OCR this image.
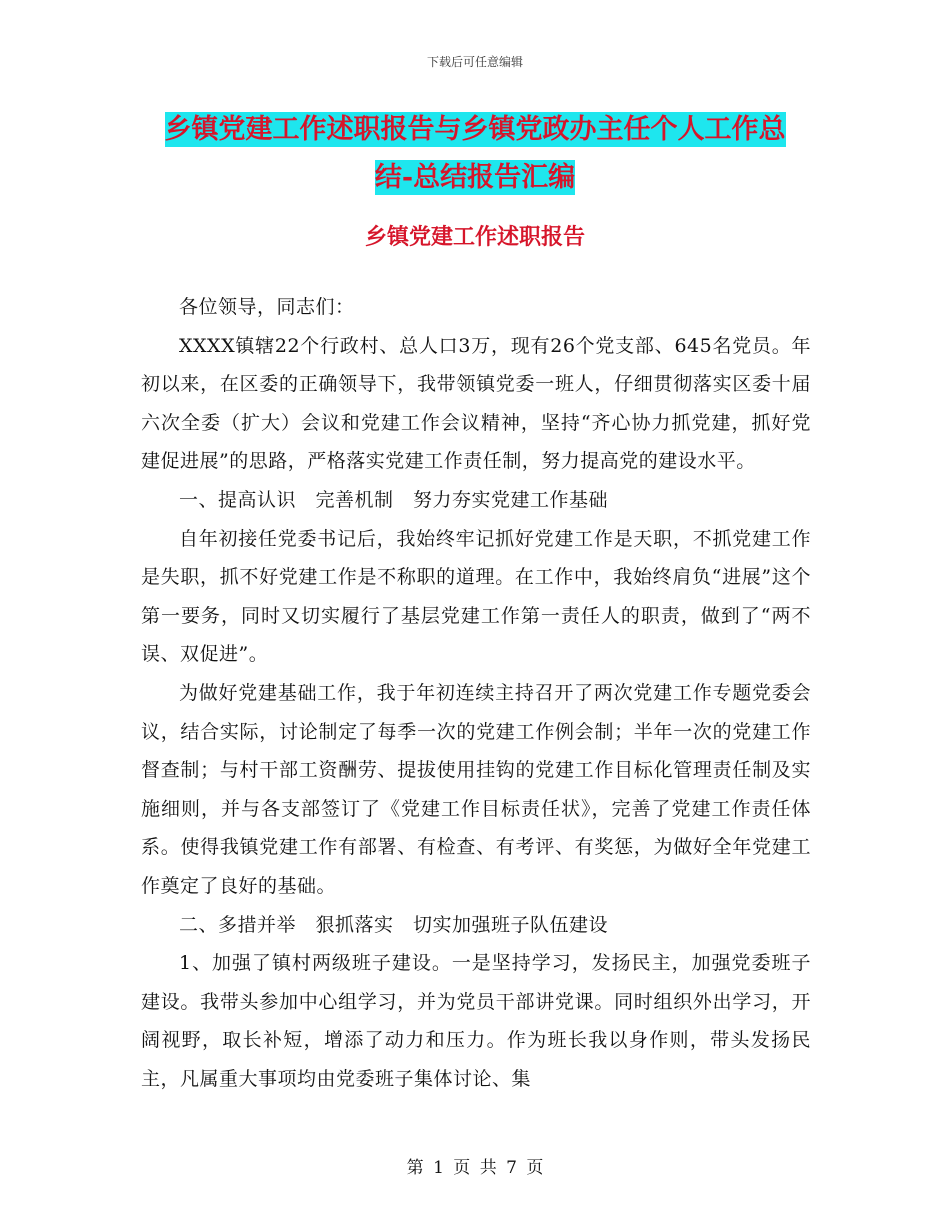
下载后可任意编辑
乡镇党建工作述职报告与乡镇党政办主任个人工作总
结-总结报告汇编
乡镇党建工作述职报告

各位领导，同志们：

XXXX镇辖22个行政村、总人口3万，现有26个党支部、645名党员。年初以来，在区委的正确领导下，我带领镇党委一班人，仔细贯彻落实区委十届六次全委（扩大）会议和党建工作会议精神，坚持“齐心协力抓党建，抓好党建促进展”的思路，严格落实党建工作责任制，努力提高党的建设水平。

一、提高认识　完善机制　努力夯实党建工作基础

自年初接任党委书记后，我始终牢记抓好党建工作是天职，不抓党建工作是失职，抓不好党建工作是不称职的道理。在工作中，我始终肩负“进展”这个第一要务，同时又切实履行了基层党建工作第一责任人的职责，做到了“两不误、双促进”。

为做好党建基础工作，我于年初连续主持召开了两次党建工作专题党委会议，结合实际，讨论制定了每季一次的党建工作例会制；半年一次的党建工作督查制；与村干部工资酬劳、提拔使用挂钩的党建工作目标化管理责任制及实施细则，并与各支部签订了《党建工作目标责任状》，完善了党建工作责任体系。使得我镇党建工作有部署、有检查、有考评、有奖惩，为做好全年党建工作奠定了良好的基础。

二、多措并举　狠抓落实　切实加强班子队伍建设

1、加强了镇村两级班子建设。一是坚持学习，发扬民主，加强党委班子建设。我带头参加中心组学习，并为党员干部讲党课。同时组织外出学习，开阔视野，取长补短，增添了动力和压力。作为班长我以身作则，带头发扬民主，凡属重大事项均由党委班子集体讨论、集

第 1 页 共 7 页
